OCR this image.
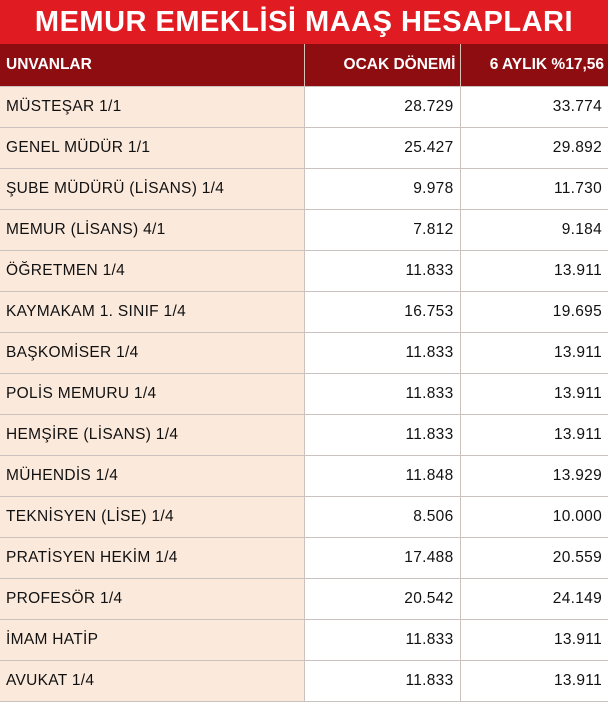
MEMUR EMEKLİSİ MAAŞ HESAPLARI
UNVANLAR	OCAK DÖNEMİ	6 AYLIK %17,56
MÜSTEŞAR 1/1	28.729	33.774
GENEL MÜDÜR 1/1	25.427	29.892
ŞUBE MÜDÜRÜ (LİSANS) 1/4	9.978	11.730
MEMUR (LİSANS) 4/1	7.812	9.184
ÖĞRETMEN 1/4	11.833	13.911
KAYMAKAM 1. SINIF 1/4	16.753	19.695
BAŞKOMİSER 1/4	11.833	13.911
POLİS MEMURU 1/4	11.833	13.911
HEMŞİRE (LİSANS) 1/4	11.833	13.911
MÜHENDİS 1/4	11.848	13.929
TEKNİSYEN (LİSE) 1/4	8.506	10.000
PRATİSYEN HEKİM 1/4	17.488	20.559
PROFESÖR 1/4	20.542	24.149
İMAM HATİP	11.833	13.911
AVUKAT 1/4	11.833	13.911
